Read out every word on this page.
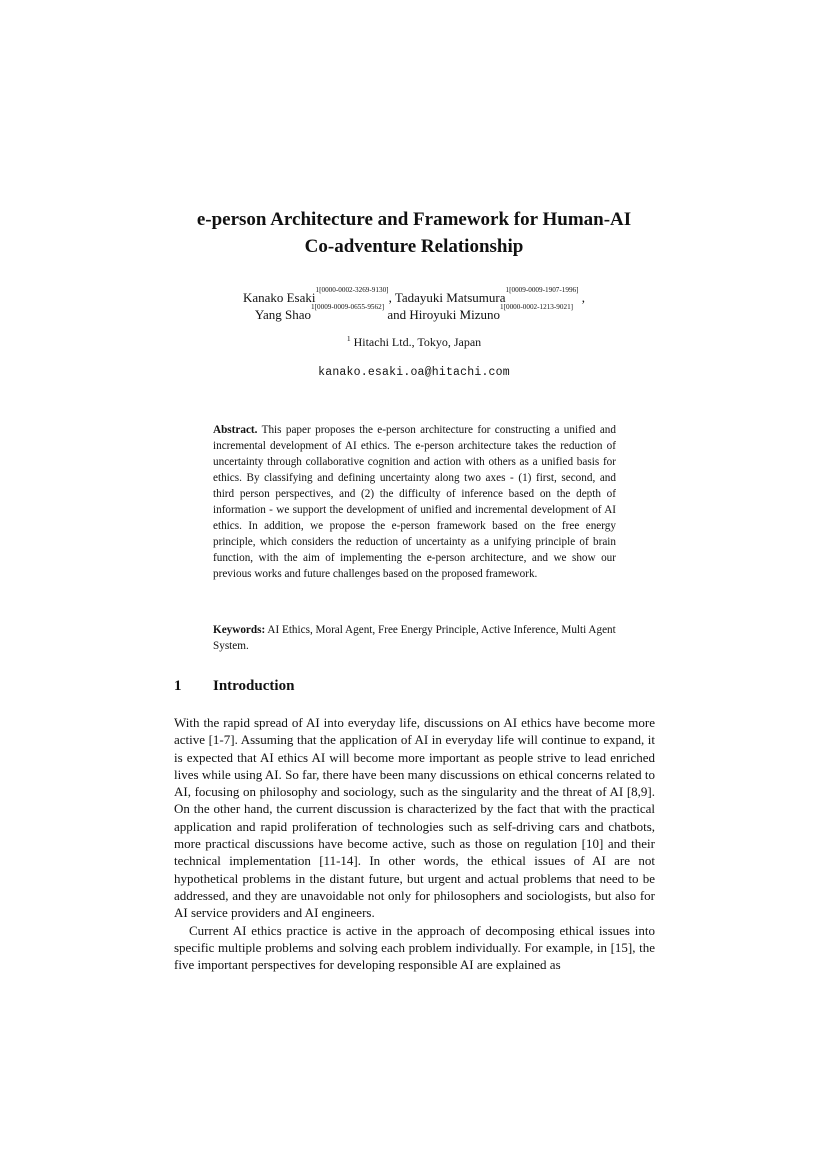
e-person Architecture and Framework for Human-AI
Co-adventure Relationship
Kanako Esaki$^{1[0000-0002-3269-9130]}$, Tadayuki Matsumura$^{1[0009-0009-1907-1996]}$ ,
Yang Shao$^{1[0009-0009-0655-9562]}$ and Hiroyuki Mizuno$^{1[0000-0002-1213-9021]}$
$^1$ Hitachi Ltd., Tokyo, Japan
kanako.esaki.oa@hitachi.com
Abstract. This paper proposes the e-person architecture for constructing a unified and incremental development of AI ethics. The e-person architecture takes the reduction of uncertainty through collaborative cognition and action with others as a unified basis for ethics. By classifying and defining uncertainty along two axes - (1) first, second, and third person perspectives, and (2) the difficulty of inference based on the depth of information - we support the development of unified and incremental development of AI ethics. In addition, we propose the e-person framework based on the free energy principle, which considers the reduction of uncertainty as a unifying principle of brain function, with the aim of implementing the e-person architecture, and we show our previous works and future challenges based on the proposed framework.
Keywords: AI Ethics, Moral Agent, Free Energy Principle, Active Inference, Multi Agent System.
1 Introduction

With the rapid spread of AI into everyday life, discussions on AI ethics have become more active [1-7]. Assuming that the application of AI in everyday life will continue to expand, it is expected that AI ethics AI will become more important as people strive to lead enriched lives while using AI. So far, there have been many discussions on ethical concerns related to AI, focusing on philosophy and sociology, such as the singularity and the threat of AI [8,9]. On the other hand, the current discussion is characterized by the fact that with the practical application and rapid proliferation of technologies such as self-driving cars and chatbots, more practical discussions have become active, such as those on regulation [10] and their technical implementation [11-14]. In other words, the ethical issues of AI are not hypothetical problems in the distant future, but urgent and actual problems that need to be addressed, and they are unavoidable not only for philosophers and sociologists, but also for AI service providers and AI engineers.

Current AI ethics practice is active in the approach of decomposing ethical issues into specific multiple problems and solving each problem individually. For example, in [15], the five important perspectives for developing responsible AI are explained as
